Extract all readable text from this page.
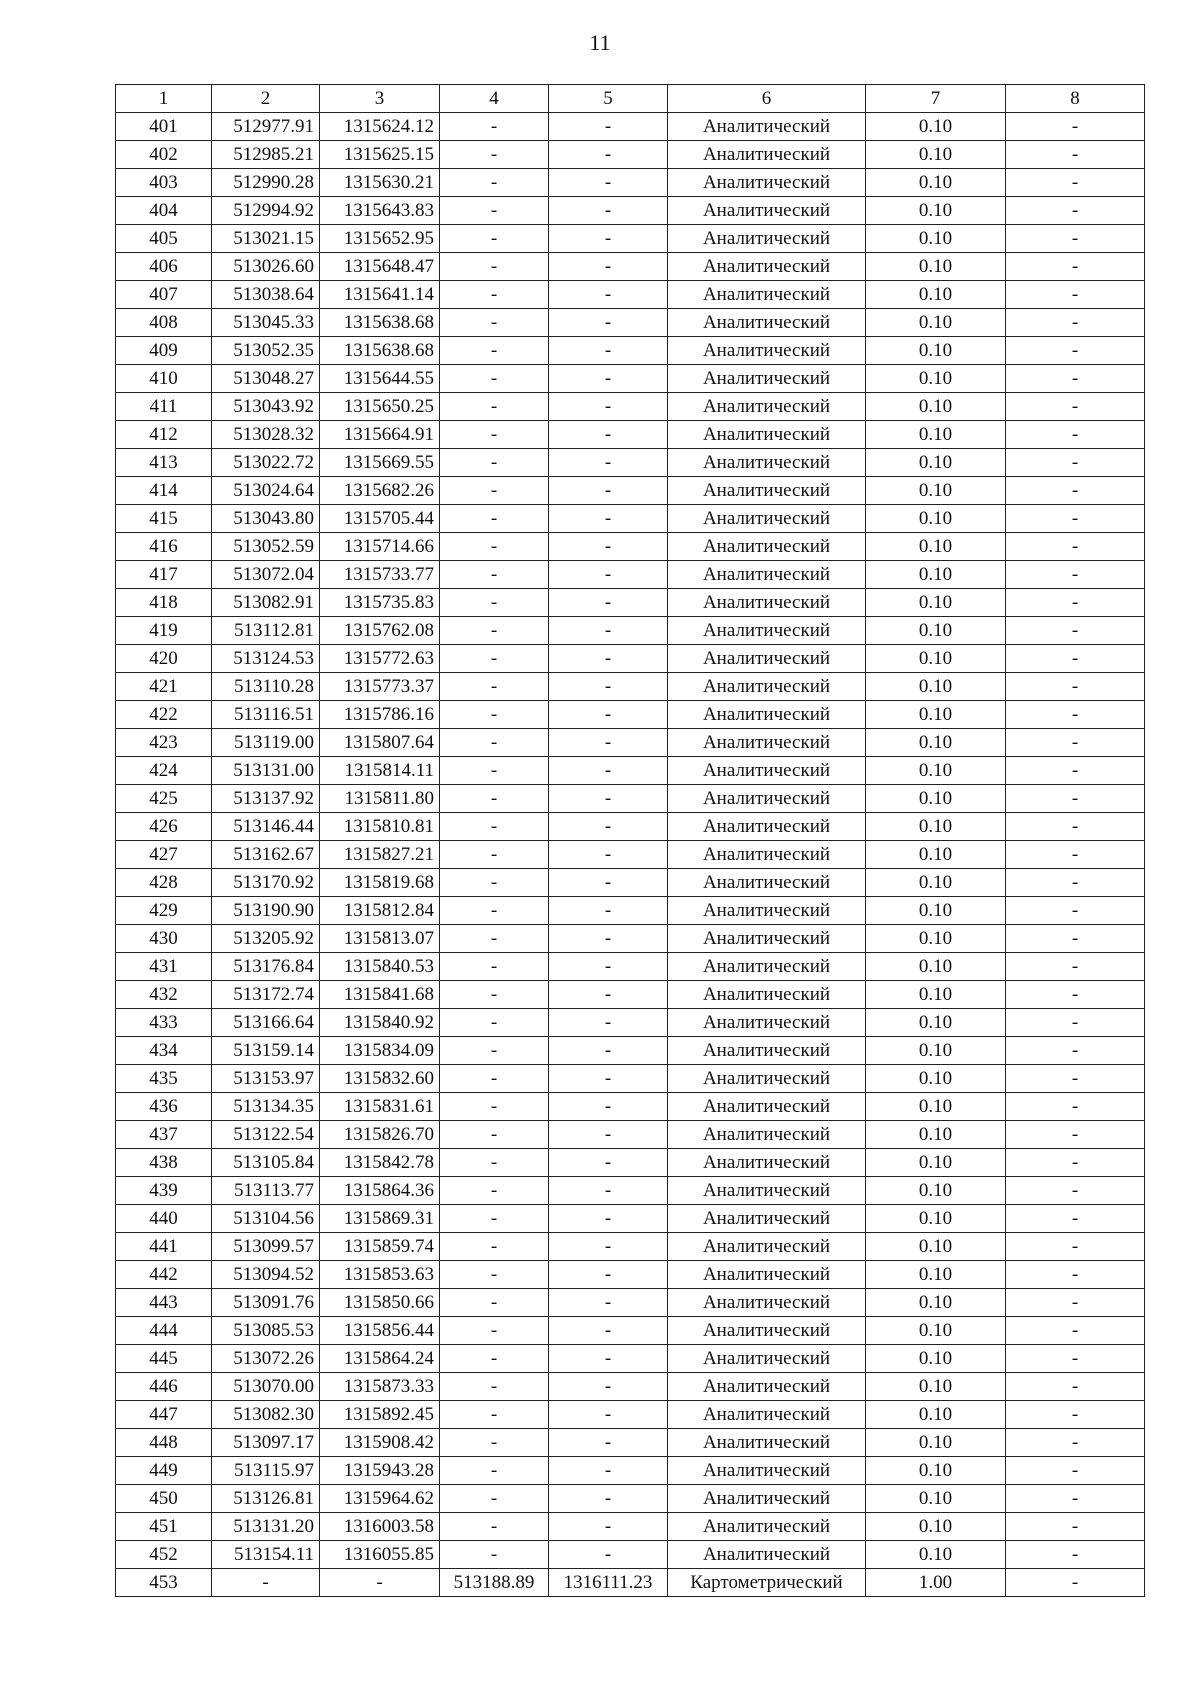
11
1	2	3	4	5	6	7	8
401	512977.91	1315624.12	-	-	Аналитический	0.10	-
402	512985.21	1315625.15	-	-	Аналитический	0.10	-
403	512990.28	1315630.21	-	-	Аналитический	0.10	-
404	512994.92	1315643.83	-	-	Аналитический	0.10	-
405	513021.15	1315652.95	-	-	Аналитический	0.10	-
406	513026.60	1315648.47	-	-	Аналитический	0.10	-
407	513038.64	1315641.14	-	-	Аналитический	0.10	-
408	513045.33	1315638.68	-	-	Аналитический	0.10	-
409	513052.35	1315638.68	-	-	Аналитический	0.10	-
410	513048.27	1315644.55	-	-	Аналитический	0.10	-
411	513043.92	1315650.25	-	-	Аналитический	0.10	-
412	513028.32	1315664.91	-	-	Аналитический	0.10	-
413	513022.72	1315669.55	-	-	Аналитический	0.10	-
414	513024.64	1315682.26	-	-	Аналитический	0.10	-
415	513043.80	1315705.44	-	-	Аналитический	0.10	-
416	513052.59	1315714.66	-	-	Аналитический	0.10	-
417	513072.04	1315733.77	-	-	Аналитический	0.10	-
418	513082.91	1315735.83	-	-	Аналитический	0.10	-
419	513112.81	1315762.08	-	-	Аналитический	0.10	-
420	513124.53	1315772.63	-	-	Аналитический	0.10	-
421	513110.28	1315773.37	-	-	Аналитический	0.10	-
422	513116.51	1315786.16	-	-	Аналитический	0.10	-
423	513119.00	1315807.64	-	-	Аналитический	0.10	-
424	513131.00	1315814.11	-	-	Аналитический	0.10	-
425	513137.92	1315811.80	-	-	Аналитический	0.10	-
426	513146.44	1315810.81	-	-	Аналитический	0.10	-
427	513162.67	1315827.21	-	-	Аналитический	0.10	-
428	513170.92	1315819.68	-	-	Аналитический	0.10	-
429	513190.90	1315812.84	-	-	Аналитический	0.10	-
430	513205.92	1315813.07	-	-	Аналитический	0.10	-
431	513176.84	1315840.53	-	-	Аналитический	0.10	-
432	513172.74	1315841.68	-	-	Аналитический	0.10	-
433	513166.64	1315840.92	-	-	Аналитический	0.10	-
434	513159.14	1315834.09	-	-	Аналитический	0.10	-
435	513153.97	1315832.60	-	-	Аналитический	0.10	-
436	513134.35	1315831.61	-	-	Аналитический	0.10	-
437	513122.54	1315826.70	-	-	Аналитический	0.10	-
438	513105.84	1315842.78	-	-	Аналитический	0.10	-
439	513113.77	1315864.36	-	-	Аналитический	0.10	-
440	513104.56	1315869.31	-	-	Аналитический	0.10	-
441	513099.57	1315859.74	-	-	Аналитический	0.10	-
442	513094.52	1315853.63	-	-	Аналитический	0.10	-
443	513091.76	1315850.66	-	-	Аналитический	0.10	-
444	513085.53	1315856.44	-	-	Аналитический	0.10	-
445	513072.26	1315864.24	-	-	Аналитический	0.10	-
446	513070.00	1315873.33	-	-	Аналитический	0.10	-
447	513082.30	1315892.45	-	-	Аналитический	0.10	-
448	513097.17	1315908.42	-	-	Аналитический	0.10	-
449	513115.97	1315943.28	-	-	Аналитический	0.10	-
450	513126.81	1315964.62	-	-	Аналитический	0.10	-
451	513131.20	1316003.58	-	-	Аналитический	0.10	-
452	513154.11	1316055.85	-	-	Аналитический	0.10	-
453	-	-	513188.89	1316111.23	Картометрический	1.00	-
